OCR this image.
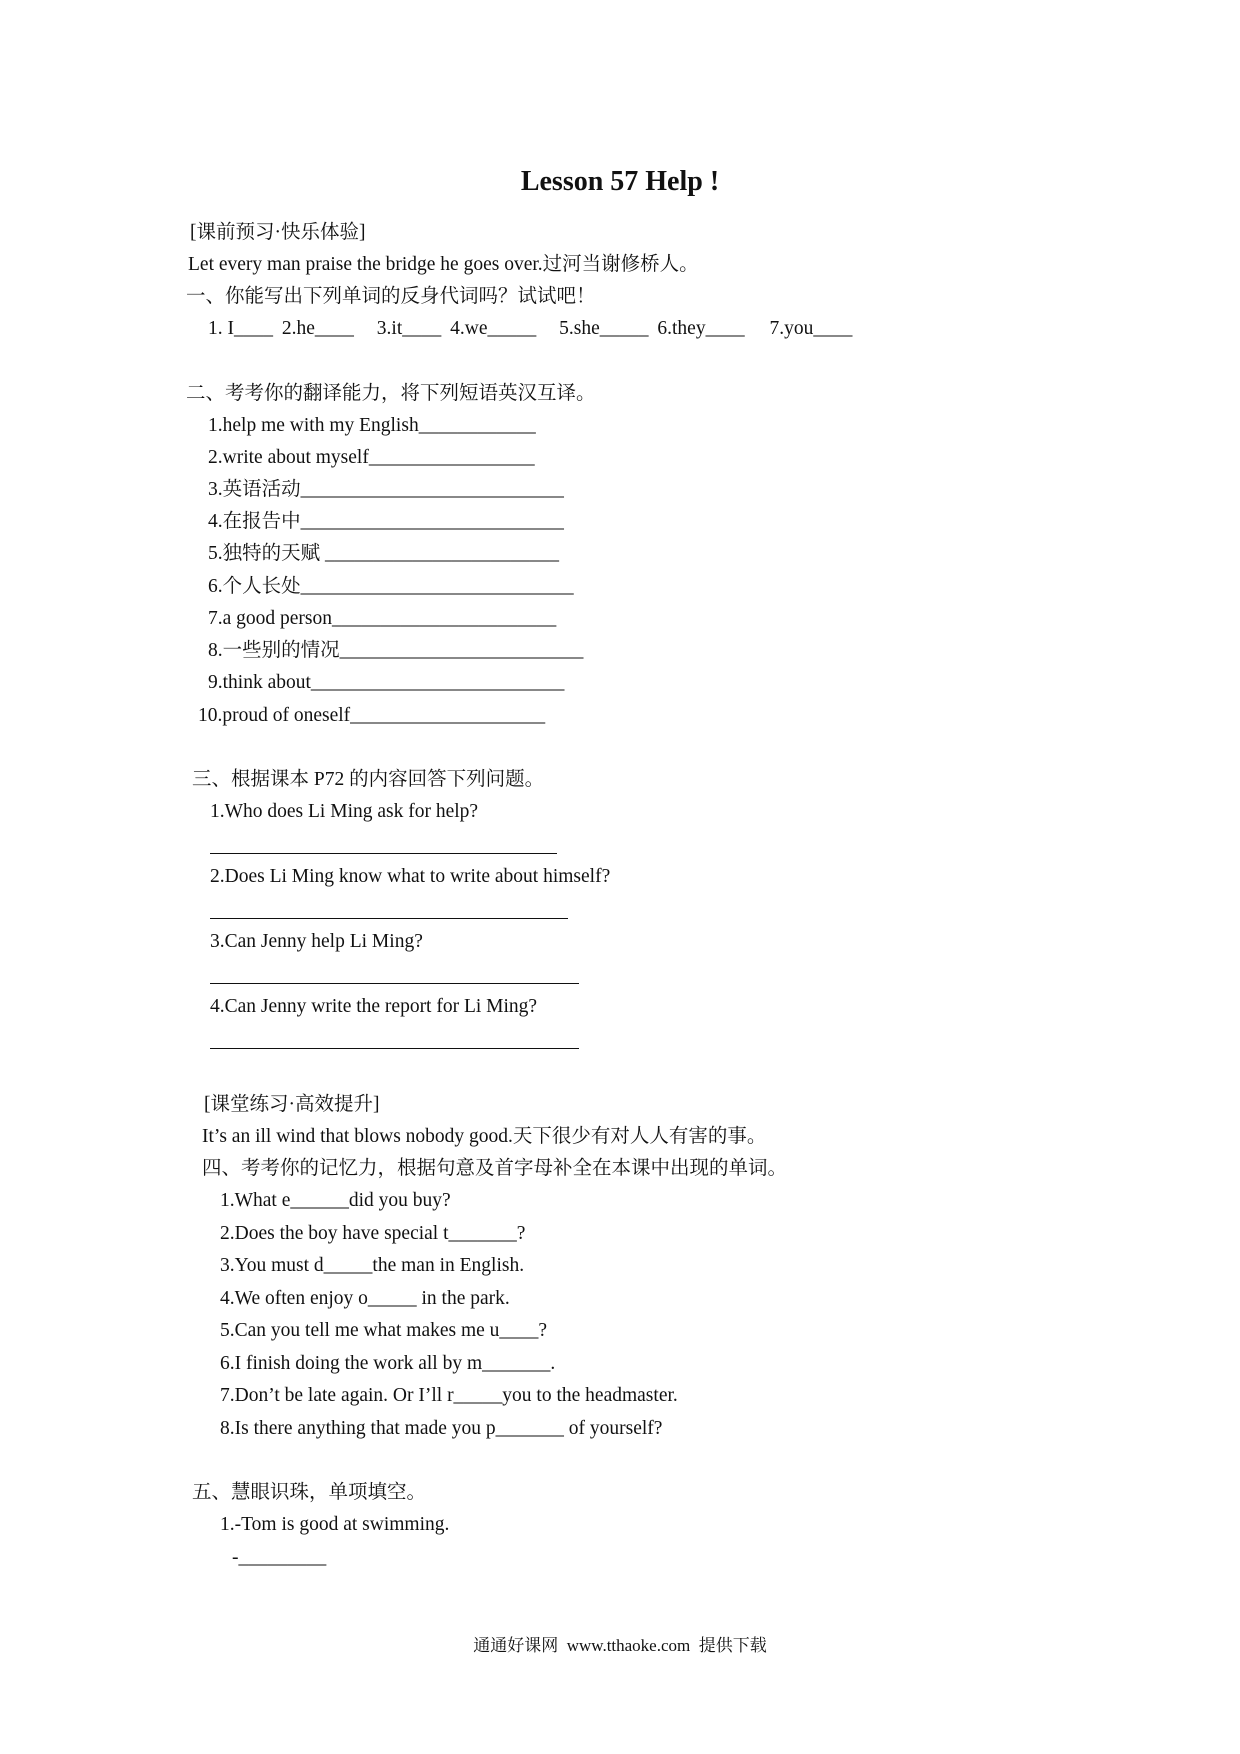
Lesson 57 Help !
[课前预习·快乐体验]
Let every man praise the bridge he goes over.过河当谢修桥人。
一、你能写出下列单词的反身代词吗？试试吧！
1. I____ 2.he____ 3.it____ 4.we_____ 5.she_____ 6.they____ 7.you____
二、考考你的翻译能力，将下列短语英汉互译。
1.help me with my English____________
2.write about myself_________________
3.英语活动___________________________
4.在报告中___________________________
5.独特的天赋 ________________________
6.个人长处____________________________
7.a good person_______________________
8.一些别的情况_________________________
9.think about__________________________
10.proud of oneself____________________
三、根据课本 P72 的内容回答下列问题。
1.Who does Li Ming ask for help?
2.Does Li Ming know what to write about himself?
3.Can Jenny help Li Ming?
4.Can Jenny write the report for Li Ming?
[课堂练习·高效提升]
It’s an ill wind that blows nobody good.天下很少有对人人有害的事。
四、考考你的记忆力，根据句意及首字母补全在本课中出现的单词。
1.What e______did you buy?
2.Does the boy have special t_______?
3.You must d_____the man in English.
4.We often enjoy o_____ in the park.
5.Can you tell me what makes me u____?
6.I finish doing the work all by m_______.
7.Don’t be late again. Or I’ll r_____you to the headmaster.
8.Is there anything that made you p_______ of yourself?
五、慧眼识珠，单项填空。
1.-Tom is good at swimming.
-_________
通通好课网  www.tthaoke.com  提供下载
